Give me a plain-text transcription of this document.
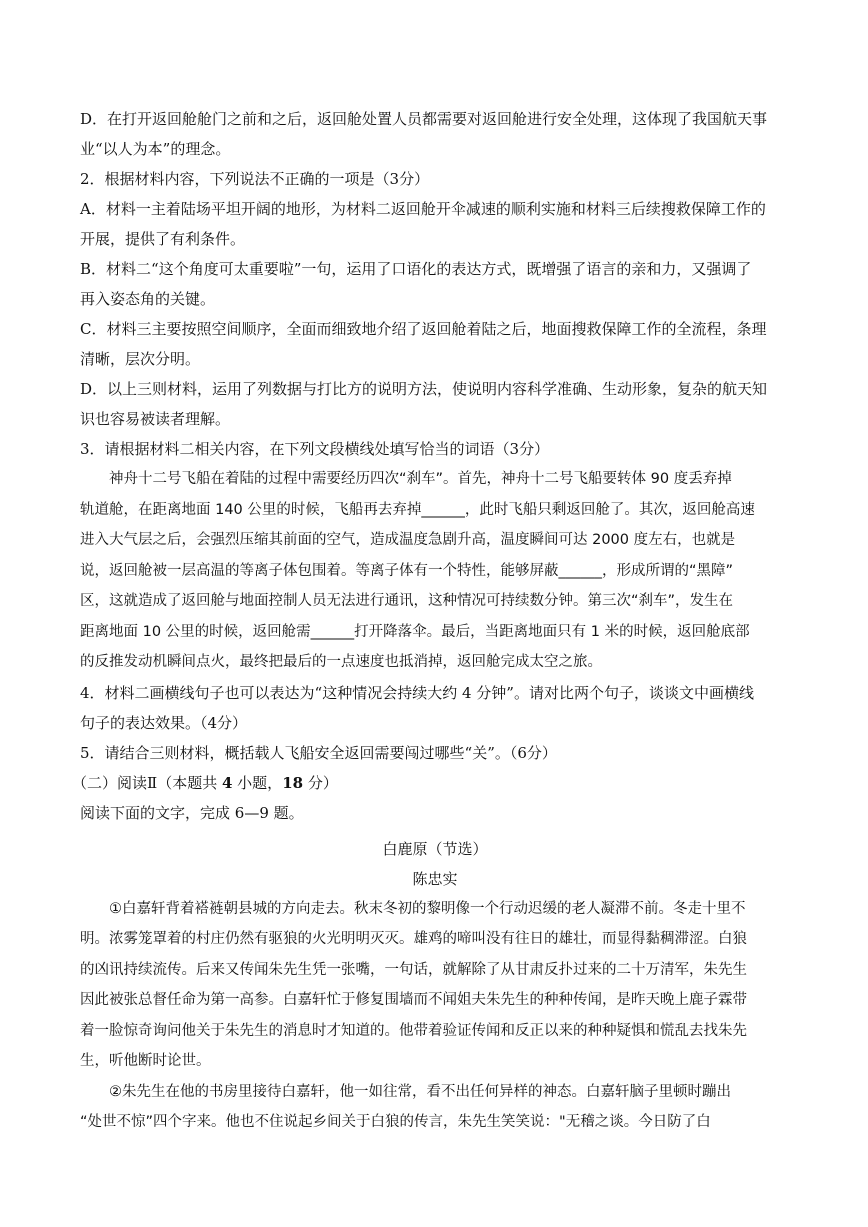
D．在打开返回舱舱门之前和之后，返回舱处置人员都需要对返回舱进行安全处理，这体现了我国航天事

业“以人为本”的理念。

2．根据材料内容，下列说法不正确的一项是（3分）

A．材料一主着陆场平坦开阔的地形，为材料二返回舱开伞减速的顺利实施和材料三后续搜救保障工作的

开展，提供了有利条件。

B．材料二“这个角度可太重要啦”一句，运用了口语化的表达方式，既增强了语言的亲和力，又强调了

再入姿态角的关键。

C．材料三主要按照空间顺序，全面而细致地介绍了返回舱着陆之后，地面搜救保障工作的全流程，条理

清晰，层次分明。

D．以上三则材料，运用了列数据与打比方的说明方法，使说明内容科学准确、生动形象，复杂的航天知

识也容易被读者理解。

3．请根据材料二相关内容，在下列文段横线处填写恰当的词语（3分）

神舟十二号飞船在着陆的过程中需要经历四次“刹车”。首先，神舟十二号飞船要转体 90 度丢弃掉

轨道舱，在距离地面 140 公里的时候，飞船再去弃掉______，此时飞船只剩返回舱了。其次，返回舱高速

进入大气层之后，会强烈压缩其前面的空气，造成温度急剧升高，温度瞬间可达 2000 度左右，也就是

说，返回舱被一层高温的等离子体包围着。等离子体有一个特性，能够屏蔽______，形成所谓的“黑障”

区，这就造成了返回舱与地面控制人员无法进行通讯，这种情况可持续数分钟。第三次“刹车”，发生在

距离地面 10 公里的时候，返回舱需______打开降落伞。最后，当距离地面只有 1 米的时候，返回舱底部

的反推发动机瞬间点火，最终把最后的一点速度也抵消掉，返回舱完成太空之旅。

4．材料二画横线句子也可以表达为“这种情况会持续大约 4 分钟”。请对比两个句子，谈谈文中画横线

句子的表达效果。（4分）

5．请结合三则材料，概括载人飞船安全返回需要闯过哪些“关”。（6分）

（二）阅读Ⅱ（本题共 4 小题，18 分）

阅读下面的文字，完成 6—9 题。

白鹿原（节选）

陈忠实

①白嘉轩背着褡裢朝县城的方向走去。秋末冬初的黎明像一个行动迟缓的老人凝滞不前。冬走十里不

明。浓雾笼罩着的村庄仍然有驱狼的火光明明灭灭。雄鸡的啼叫没有往日的雄壮，而显得黏稠滞涩。白狼

的凶讯持续流传。后来又传闻朱先生凭一张嘴，一句话，就解除了从甘肃反扑过来的二十万清军，朱先生

因此被张总督任命为第一高参。白嘉轩忙于修复围墙而不闻姐夫朱先生的种种传闻，是昨天晚上鹿子霖带

着一脸惊奇询问他关于朱先生的消息时才知道的。他带着验证传闻和反正以来的种种疑惧和慌乱去找朱先

生，听他断时论世。

②朱先生在他的书房里接待白嘉轩，他一如往常，看不出任何异样的神态。白嘉轩脑子里顿时蹦出

“处世不惊”四个字来。他也不住说起乡间关于白狼的传言，朱先生笑笑说："无稽之谈。今日防了白
